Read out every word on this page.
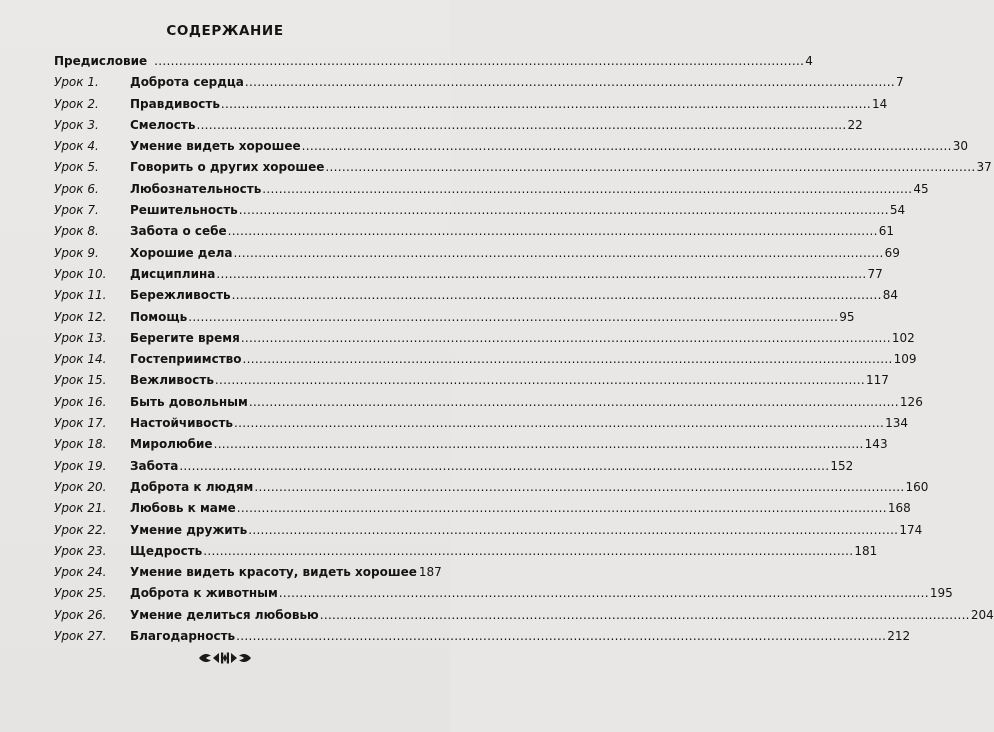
СОДЕРЖАНИЕ
Предисловие .....	4
Урок 1.	Доброта сердца .....	7
Урок 2.	Правдивость .....	14
Урок 3.	Смелость .....	22
Урок 4.	Умение видеть хорошее .....	30
Урок 5.	Говорить о других хорошее .....	37
Урок 6.	Любознательность .....	45
Урок 7.	Решительность .....	54
Урок 8.	Забота о себе .....	61
Урок 9.	Хорошие дела .....	69
Урок 10.	Дисциплина .....	77
Урок 11.	Бережливость .....	84
Урок 12.	Помощь .....	95
Урок 13.	Берегите время .....	102
Урок 14.	Гостеприимство .....	109
Урок 15.	Вежливость .....	117
Урок 16.	Быть довольным .....	126
Урок 17.	Настойчивость .....	134
Урок 18.	Миролюбие .....	143
Урок 19.	Забота .....	152
Урок 20.	Доброта к людям .....	160
Урок 21.	Любовь к маме .....	168
Урок 22.	Умение дружить .....	174
Урок 23.	Щедрость .....	181
Урок 24.	Умение видеть красоту, видеть хорошее 187
Урок 25.	Доброта к животным .....	195
Урок 26.	Умение делиться любовью .....	204
Урок 27.	Благодарность .....	212
